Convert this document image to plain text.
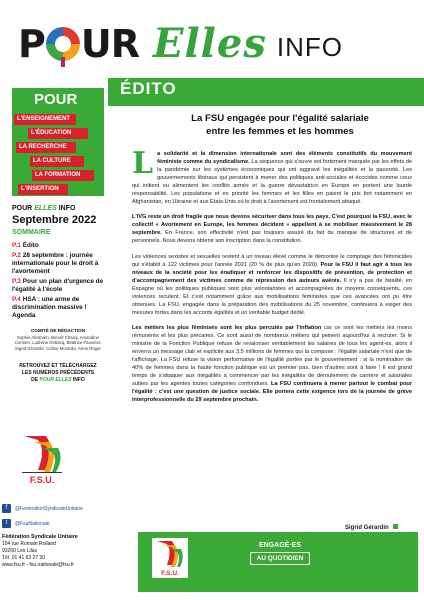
P UR Elles INFO
ÉDITO
POUR
L'ENSEIGNEMENT
L'ÉDUCATION
LA RECHERCHE
LA CULTURE
LA FORMATION
L'INSERTION
POUR ELLES INFO
Septembre 2022
SOMMAIRE
P.1 Édito
P.2 28 septembre : journée internationale pour le droit à l'avortement
P.3 Pour un plan d'urgence de l'égalité à l'école
P.4 HSA : une arme de discrimination massive ! Agenda
COMITÉ DE RÉDACTION
Sophie Abraham, Benoît Chaisy, Amandine Cormier, Ludivine Debacq, Béatrice Fauvinet, Sigrid Gérardin, Céline Montolio, Anne Roger
RETROUVEZ ET TÉLÉCHARGEZ
LES NUMÉROS PRÉCÉDENTS
DE POUR ELLES INFO
F.S.U.
f	@FederationSyndicaleUnitaire
t	@FsuNationale
Fédération Syndicale Unitaire
104 rue Romain Rolland
93260 Les Lilas
Tél. 01 41 63 27 30
www.fsu.fr - fsu.nationale@fsu.fr
La FSU engagée pour l'égalité salariale
entre les femmes et les hommes

La solidarité et la dimension internationale sont des éléments constitutifs du mouvement féministe comme du syndicalisme. La séquence qui s'ouvre est fortement marquée par les effets de la pandémie sur les systèmes économiques qui ont aggravé les inégalités et la pauvreté. Les gouvernements libéraux qui persistent à mener des politiques anti-sociales et écocides comme ceux qui initient ou alimentent les conflits armés et la guerre dévastatrice en Europe en portent une lourde responsabilité. Les populations et en priorité les femmes et les filles en paient le prix fort notamment en Afghanistan, en Ukraine et aux Etats-Unis où le droit à l'avortement est frontalement attaqué.

L'IVG reste un droit fragile que nous devons sécuriser dans tous les pays. C'est pourquoi la FSU, avec le collectif « Avortement en Europe, les femmes décident » appellent à se mobiliser massivement le 28 septembre. En France, son effectivité n'est pas toujours assuré du fait du manque de structures et de personnels. Nous devons obtenir son inscription dans la constitution.

Les violences sexistes et sexuelles restent à un niveau élevé comme le démontre le comptage des féminicides qui s'établit à 122 victimes pour l'année 2021 (20 % de plus qu'en 2020). Pour la FSU il faut agir à tous les niveaux de la société pour les éradiquer et renforcer les dispositifs de prévention, de protection et d'accompagnement des victimes comme de répression des auteurs avérés. Il n'y a pas de fatalité, en Espagne où les politiques publiques sont plus volontaristes et accompagnées de moyens conséquents, ces violences reculent. Et c'est notamment grâce aux mobilisations féministes que ces avancées ont pu être obtenues. La FSU, engagée dans la préparation des mobilisations du 25 novembre, continuera à exiger des mesures fortes dans les accords égalités et un véritable budget dédié.

Les métiers les plus féminisés sont les plus percutés par l'inflation car ce sont les métiers les moins rémunérés et les plus précaires. Ce sont aussi de nombreux métiers qui peinent aujourd'hui à recruter. Si le ministre de la Fonction Publique refuse de revaloriser véritablement les salaires de tous les agent-es, alors il enverra un message clair et explicite aux 3,5 millions de femmes qui la compose : l'égalité salariale n'est que de l'affichage. La FSU refuse la vision performative de l'égalité portée par le gouvernement : si la nomination de 40% de femmes dans la haute fonction publique est un premier pas, bien d'autres sont à faire ! Il est grand temps de s'attaquer aux inégalités à commencer par les inégalités de déroulement de carrière et salariales subies par les agentes toutes catégories confondues. La FSU continuera à mener partout le combat pour l'égalité : c'est une question de justice sociale. Elle portera cette exigence lors de la journée de grève interprofessionnelle du 29 septembre prochain.

Sigrid Gérardin
F.S.U.
ENGAGÉ·ES
AU QUOTIDIEN
